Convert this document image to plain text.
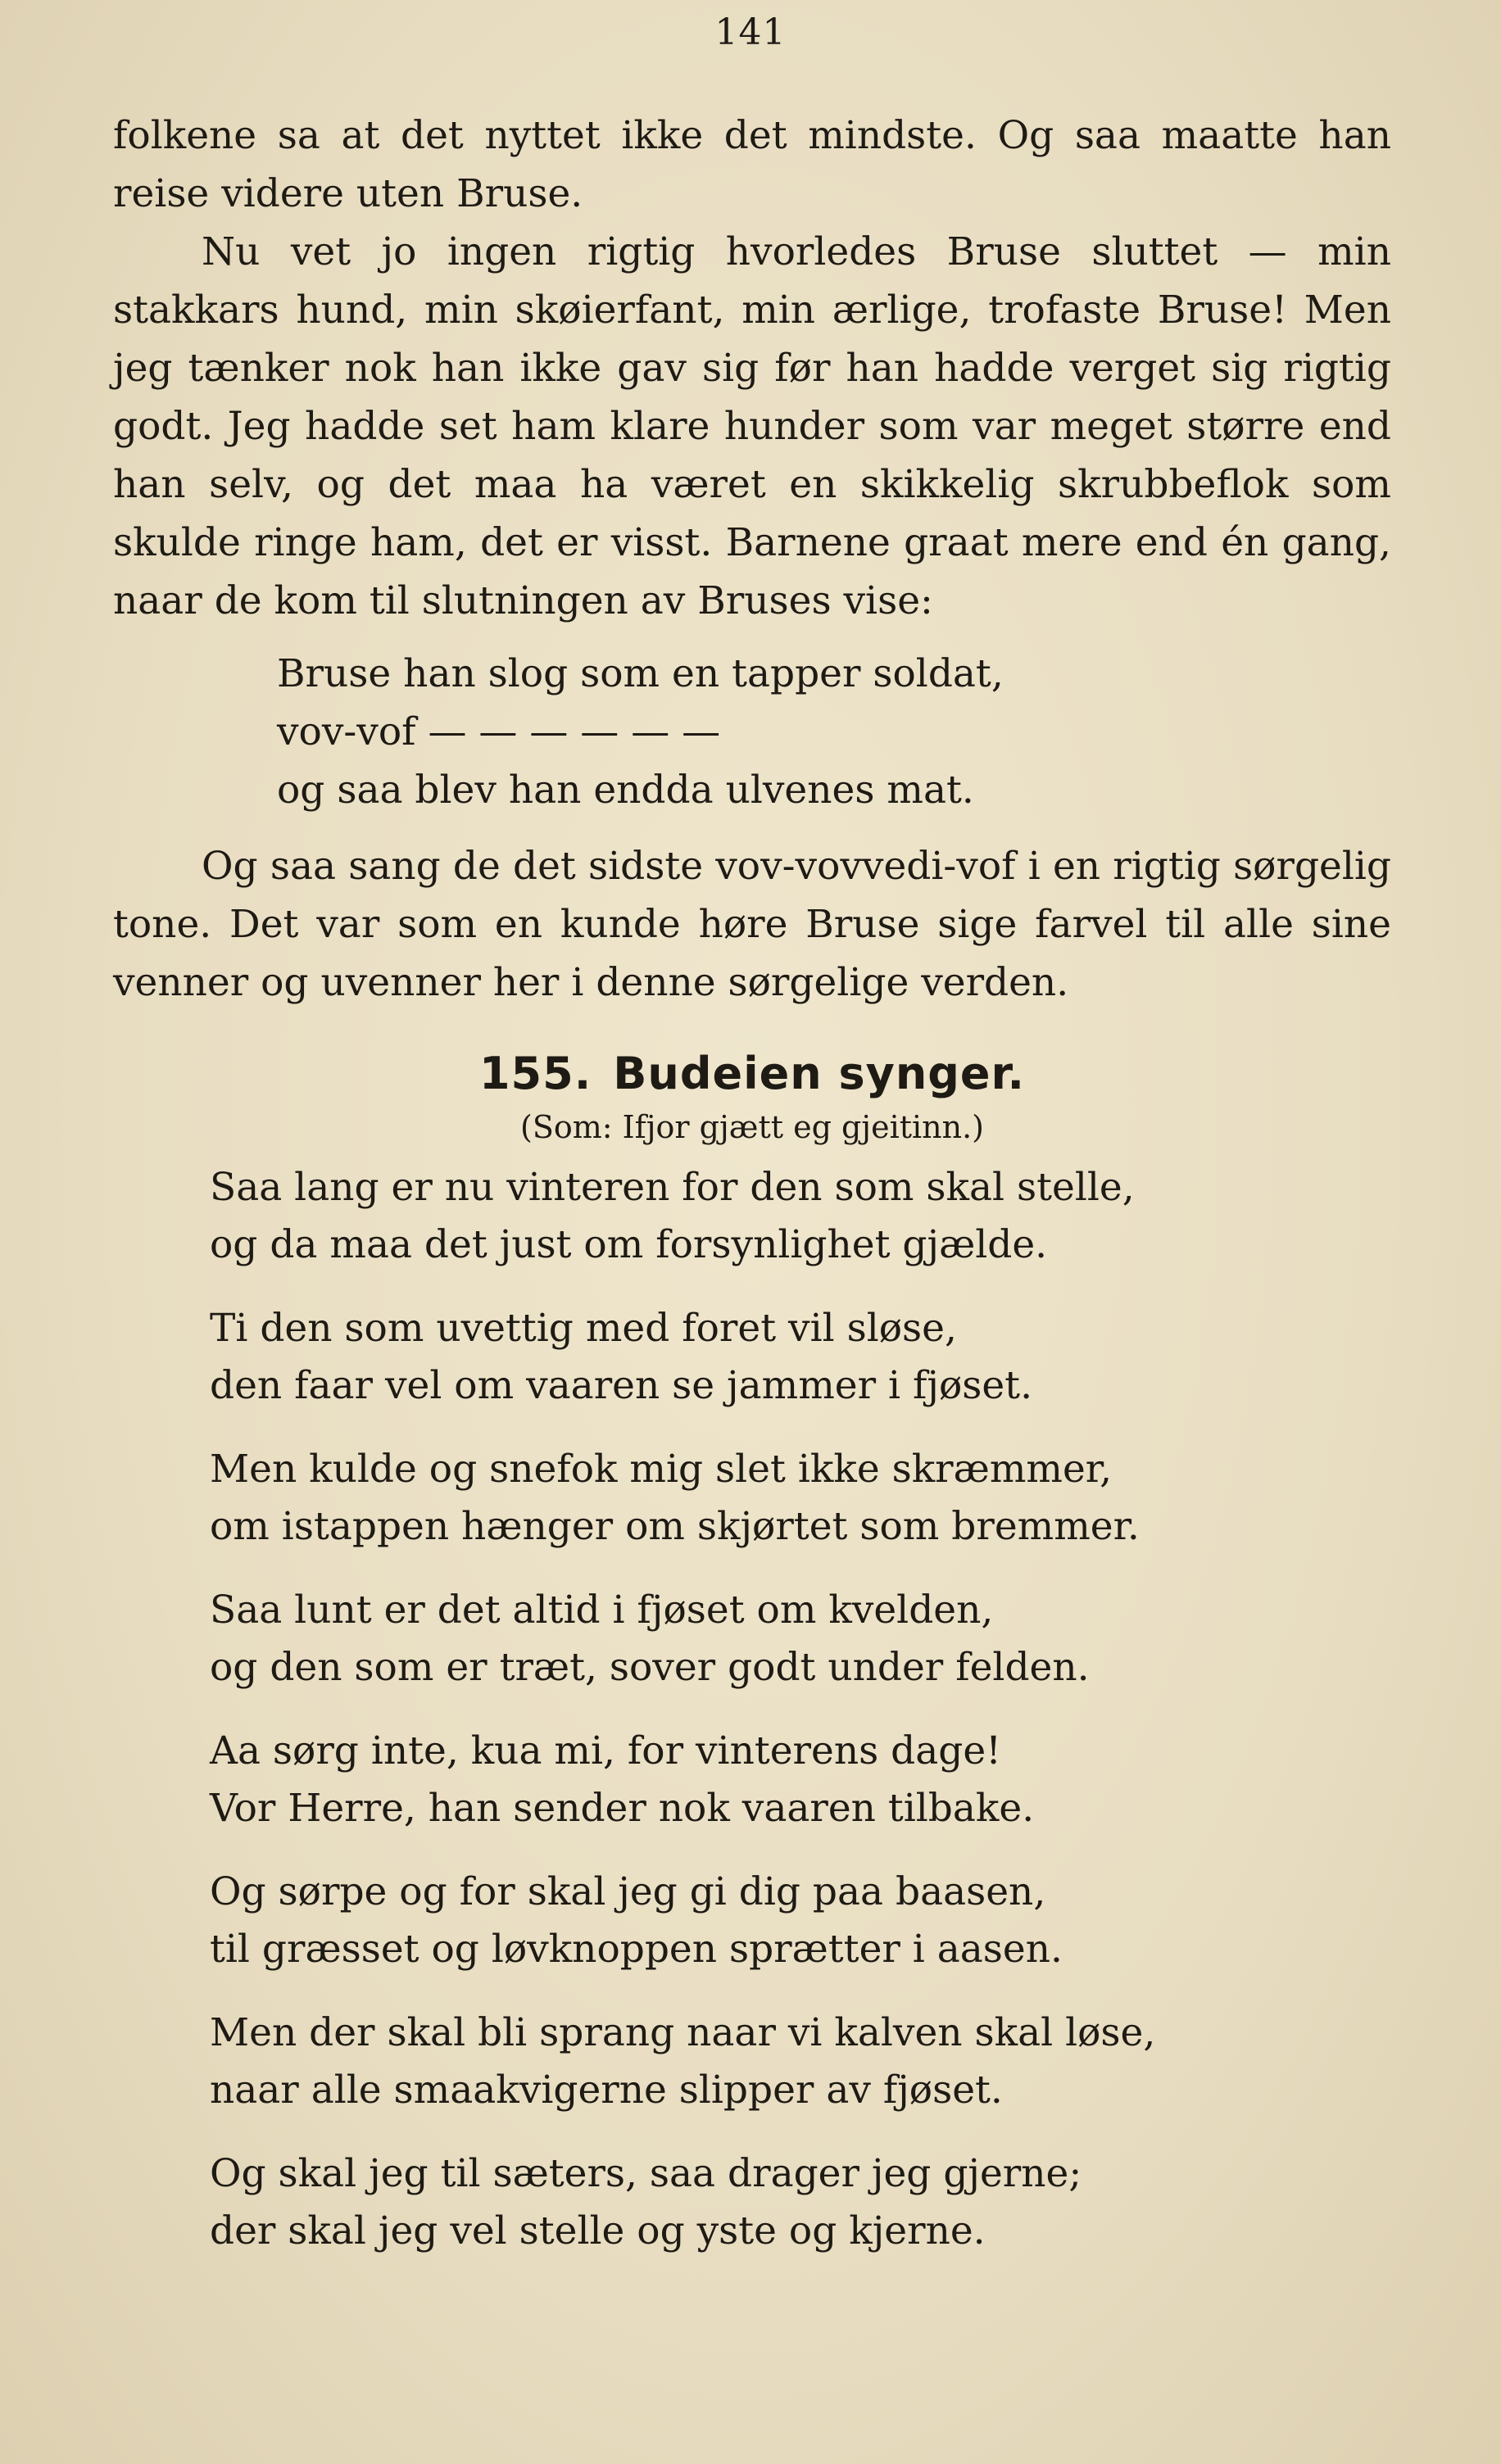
141

folkene sa at det nyttet ikke det mindste. Og saa maatte han reise videre uten Bruse.

Nu vet jo ingen rigtig hvorledes Bruse sluttet — min stakkars hund, min skøierfant, min ærlige, trofaste Bruse! Men jeg tænker nok han ikke gav sig før han hadde verget sig rigtig godt. Jeg hadde set ham klare hunder som var meget større end han selv, og det maa ha været en skikkelig skrubbeflok som skulde ringe ham, det er visst. Barnene graat mere end én gang, naar de kom til slutningen av Bruses vise:

Bruse han slog som en tapper soldat,
vov-vof — — — — — —
og saa blev han endda ulvenes mat.

Og saa sang de det sidste vov-vovvedi-vof i en rigtig sørgelig tone. Det var som en kunde høre Bruse sige farvel til alle sine venner og uvenner her i denne sørgelige verden.

155. Budeien synger.
(Som: Ifjor gjætt eg gjeitinn.)
Saa lang er nu vinteren for den som skal stelle,
og da maa det just om forsynlighet gjælde.
Ti den som uvettig med foret vil sløse,
den faar vel om vaaren se jammer i fjøset.
Men kulde og snefok mig slet ikke skræmmer,
om istappen hænger om skjørtet som bremmer.
Saa lunt er det altid i fjøset om kvelden,
og den som er træt, sover godt under felden.
Aa sørg inte, kua mi, for vinterens dage!
Vor Herre, han sender nok vaaren tilbake.
Og sørpe og for skal jeg gi dig paa baasen,
til græsset og løvknoppen sprætter i aasen.
Men der skal bli sprang naar vi kalven skal løse,
naar alle smaakvigerne slipper av fjøset.
Og skal jeg til sæters, saa drager jeg gjerne;
der skal jeg vel stelle og yste og kjerne.
